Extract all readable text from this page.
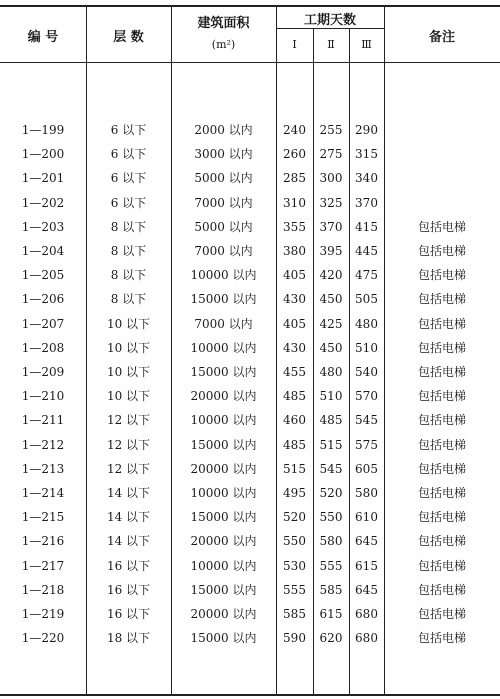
编 号	层 数
建筑面积
(m²)
工期天数
Ⅰ	Ⅱ	Ⅲ	备注
1—199	6 以下	2000 以内	240	255	290
1—200	6 以下	3000 以内	260	275	315
1—201	6 以下	5000 以内	285	300	340
1—202	6 以下	7000 以内	310	325	370
1—203	8 以下	5000 以内	355	370	415	包括电梯
1—204	8 以下	7000 以内	380	395	445	包括电梯
1—205	8 以下	10000 以内	405	420	475	包括电梯
1—206	8 以下	15000 以内	430	450	505	包括电梯
1—207	10 以下	7000 以内	405	425	480	包括电梯
1—208	10 以下	10000 以内	430	450	510	包括电梯
1—209	10 以下	15000 以内	455	480	540	包括电梯
1—210	10 以下	20000 以内	485	510	570	包括电梯
1—211	12 以下	10000 以内	460	485	545	包括电梯
1—212	12 以下	15000 以内	485	515	575	包括电梯
1—213	12 以下	20000 以内	515	545	605	包括电梯
1—214	14 以下	10000 以内	495	520	580	包括电梯
1—215	14 以下	15000 以内	520	550	610	包括电梯
1—216	14 以下	20000 以内	550	580	645	包括电梯
1—217	16 以下	10000 以内	530	555	615	包括电梯
1—218	16 以下	15000 以内	555	585	645	包括电梯
1—219	16 以下	20000 以内	585	615	680	包括电梯
1—220	18 以下	15000 以内	590	620	680	包括电梯
